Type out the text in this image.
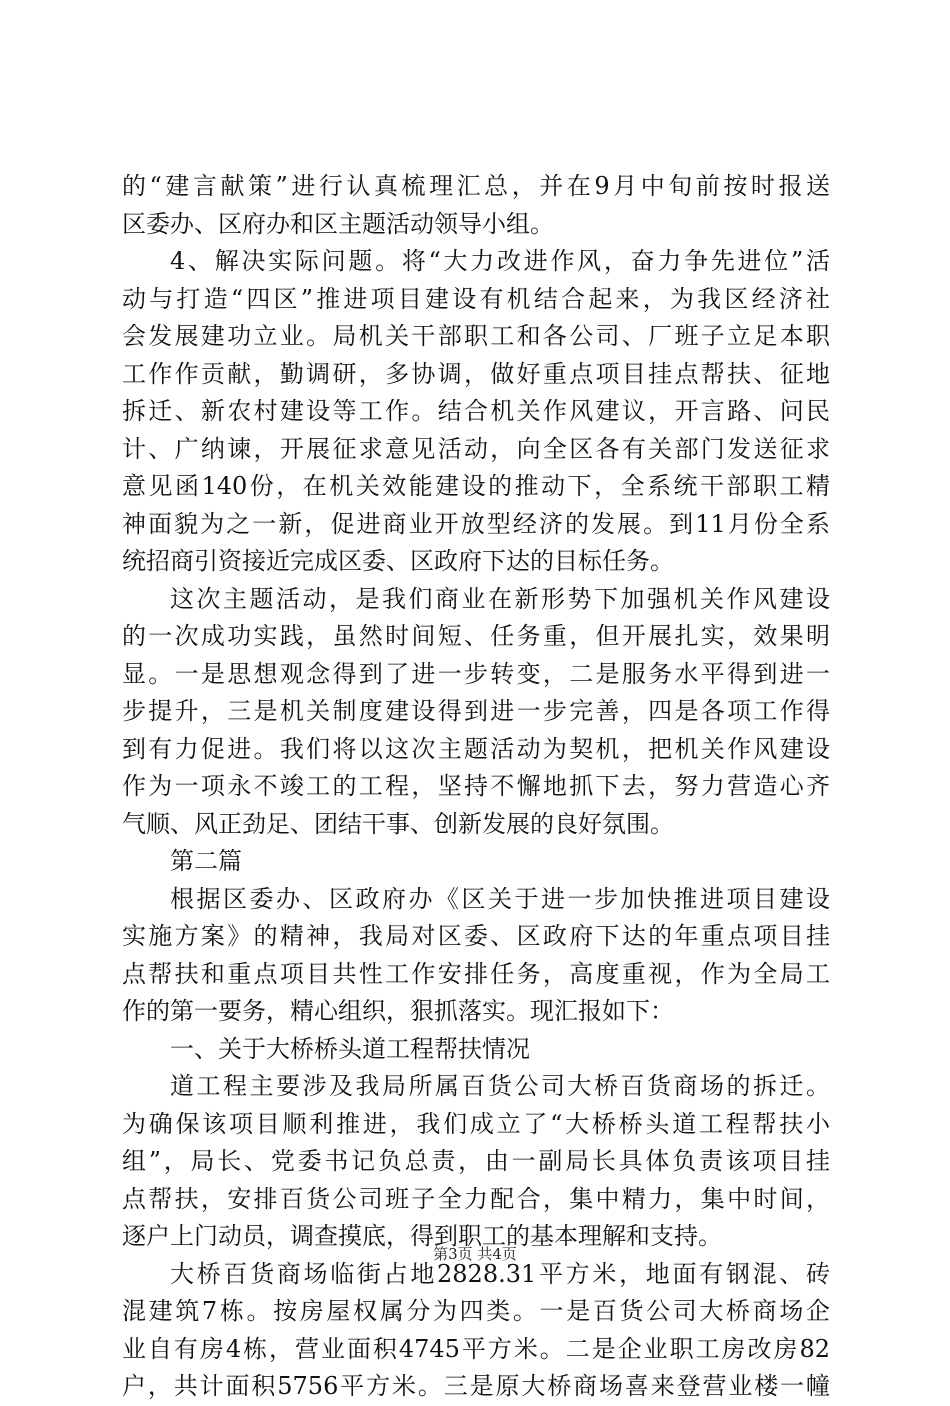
的“建言献策”进行认真梳理汇总，并在9月中旬前按时报送
区委办、区府办和区主题活动领导小组。
4、解决实际问题。将“大力改进作风，奋力争先进位”活
动与打造“四区”推进项目建设有机结合起来，为我区经济社
会发展建功立业。局机关干部职工和各公司、厂班子立足本职
工作作贡献，勤调研，多协调，做好重点项目挂点帮扶、征地
拆迁、新农村建设等工作。结合机关作风建议，开言路、问民
计、广纳谏，开展征求意见活动，向全区各有关部门发送征求
意见函140份，在机关效能建设的推动下，全系统干部职工精
神面貌为之一新，促进商业开放型经济的发展。到11月份全系
统招商引资接近完成区委、区政府下达的目标任务。
这次主题活动，是我们商业在新形势下加强机关作风建设
的一次成功实践，虽然时间短、任务重，但开展扎实，效果明
显。一是思想观念得到了进一步转变，二是服务水平得到进一
步提升，三是机关制度建设得到进一步完善，四是各项工作得
到有力促进。我们将以这次主题活动为契机，把机关作风建设
作为一项永不竣工的工程，坚持不懈地抓下去，努力营造心齐
气顺、风正劲足、团结干事、创新发展的良好氛围。
第二篇
根据区委办、区政府办《区关于进一步加快推进项目建设
实施方案》的精神，我局对区委、区政府下达的年重点项目挂
点帮扶和重点项目共性工作安排任务，高度重视，作为全局工
作的第一要务，精心组织，狠抓落实。现汇报如下：
一、关于大桥桥头道工程帮扶情况
道工程主要涉及我局所属百货公司大桥百货商场的拆迁。
为确保该项目顺利推进，我们成立了“大桥桥头道工程帮扶小
组”，局长、党委书记负总责，由一副局长具体负责该项目挂
点帮扶，安排百货公司班子全力配合，集中精力，集中时间，
逐户上门动员，调查摸底，得到职工的基本理解和支持。
大桥百货商场临街占地2828.31平方米，地面有钢混、砖
混建筑7栋。按房屋权属分为四类。一是百货公司大桥商场企
业自有房4栋，营业面积4745平方米。二是企业职工房改房82
户，共计面积5756平方米。三是原大桥商场喜来登营业楼一幢
第3页 共4页
